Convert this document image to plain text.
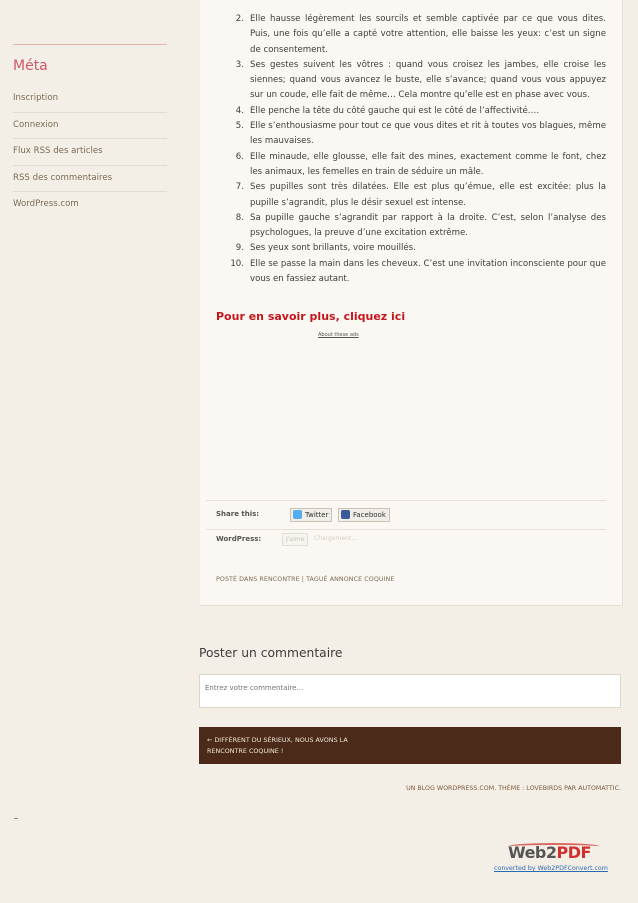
Méta
Inscription
Connexion
Flux RSS des articles
RSS des commentaires
WordPress.com
2. Elle hausse légèrement les sourcils et semble captivée par ce que vous dites. Puis, une fois qu’elle a capté votre attention, elle baisse les yeux: c’est un signe de consentement.
3. Ses gestes suivent les vôtres : quand vous croisez les jambes, elle croise les siennes; quand vous avancez le buste, elle s’avance; quand vous vous appuyez sur un coude, elle fait de même… Cela montre qu’elle est en phase avec vous.
4. Elle penche la tête du côté gauche qui est le côté de l’affectivité….
5. Elle s’enthousiasme pour tout ce que vous dites et rit à toutes vos blagues, même les mauvaises.
6. Elle minaude, elle glousse, elle fait des mines, exactement comme le font, chez les animaux, les femelles en train de séduire un mâle.
7. Ses pupilles sont très dilatées. Elle est plus qu’émue, elle est excitée: plus la pupille s’agrandit, plus le désir sexuel est intense.
8. Sa pupille gauche s’agrandit par rapport à la droite. C’est, selon l’analyse des psychologues, la preuve d’une excitation extrême.
9. Ses yeux sont brillants, voire mouillés.
10. Elle se passe la main dans les cheveux. C’est une invitation inconsciente pour que vous en fassiez autant.
Pour en savoir plus, cliquez ici
About these ads
Share this:	Twitter	Facebook
WordPress:	J'aime	Chargement…
POSTÉ DANS RENCONTRE | TAGUÉ ANNONCE COQUINE
Poster un commentaire
Entrez votre commentaire...
← DIFFÉRENT DU SÉRIEUX, NOUS AVONS LA
RENCONTRE COQUINE !
UN BLOG WORDPRESS.COM. THÈME : LOVEBIRDS PAR AUTOMATTIC.
Web2PDF
converted by Web2PDFConvert.com
